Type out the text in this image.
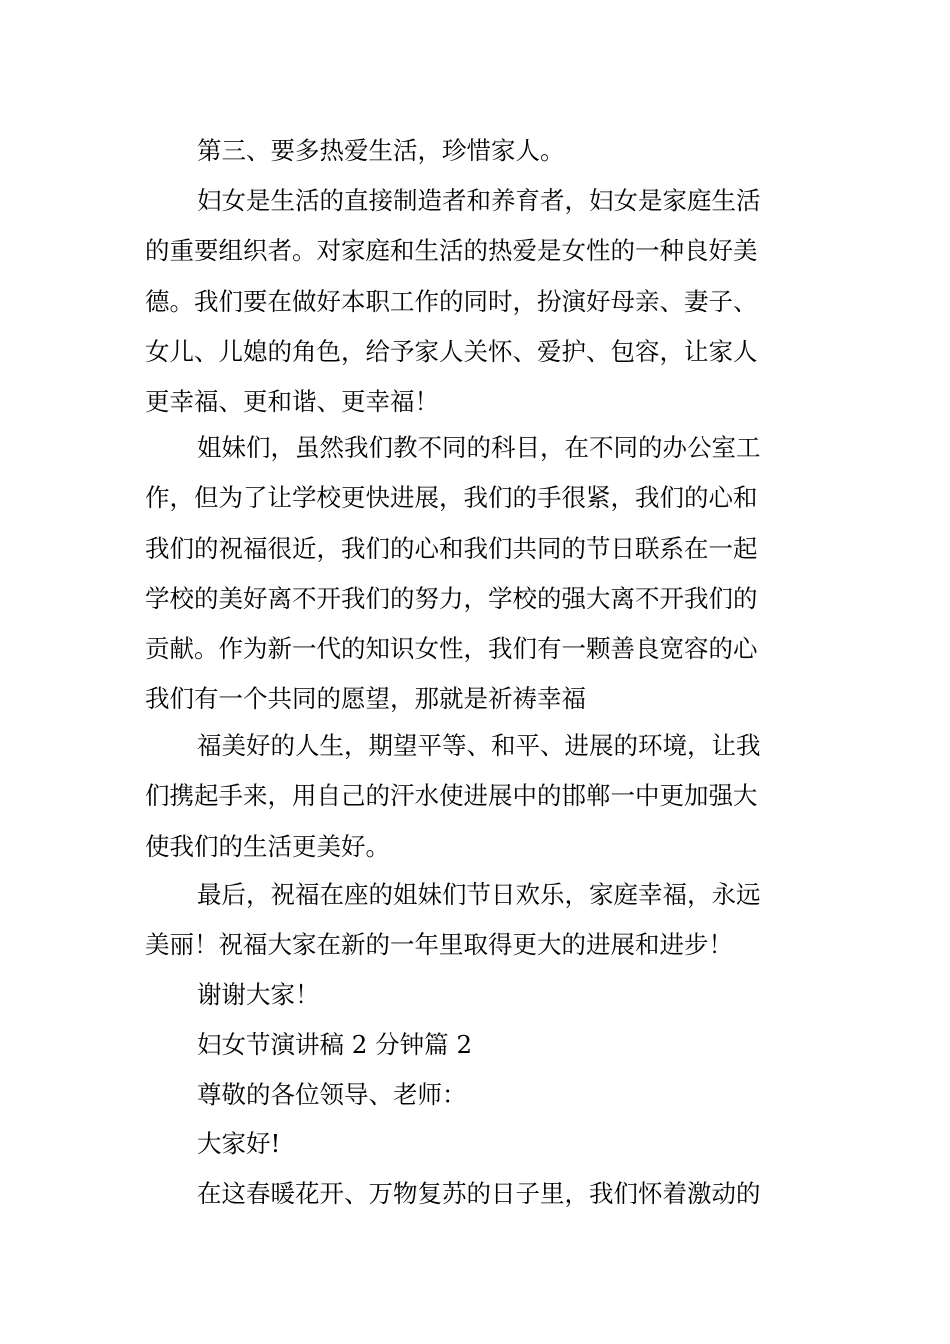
第三、要多热爱生活，珍惜家人。
妇女是生活的直接制造者和养育者，妇女是家庭生活
的重要组织者。对家庭和生活的热爱是女性的一种良好美
德。我们要在做好本职工作的同时，扮演好母亲、妻子、
女儿、儿媳的角色，给予家人关怀、爱护、包容，让家人
更幸福、更和谐、更幸福！
姐妹们，虽然我们教不同的科目，在不同的办公室工
作，但为了让学校更快进展，我们的手很紧，我们的心和
我们的祝福很近，我们的心和我们共同的节日联系在一起
学校的美好离不开我们的努力，学校的强大离不开我们的
贡献。作为新一代的知识女性，我们有一颗善良宽容的心
我们有一个共同的愿望，那就是祈祷幸福
福美好的人生，期望平等、和平、进展的环境，让我
们携起手来，用自己的汗水使进展中的邯郸一中更加强大
使我们的生活更美好。
最后，祝福在座的姐妹们节日欢乐，家庭幸福，永远
美丽！祝福大家在新的一年里取得更大的进展和进步！
谢谢大家！
妇女节演讲稿 2 分钟篇 2
尊敬的各位领导、老师：
大家好!
在这春暖花开、万物复苏的日子里，我们怀着激动的
